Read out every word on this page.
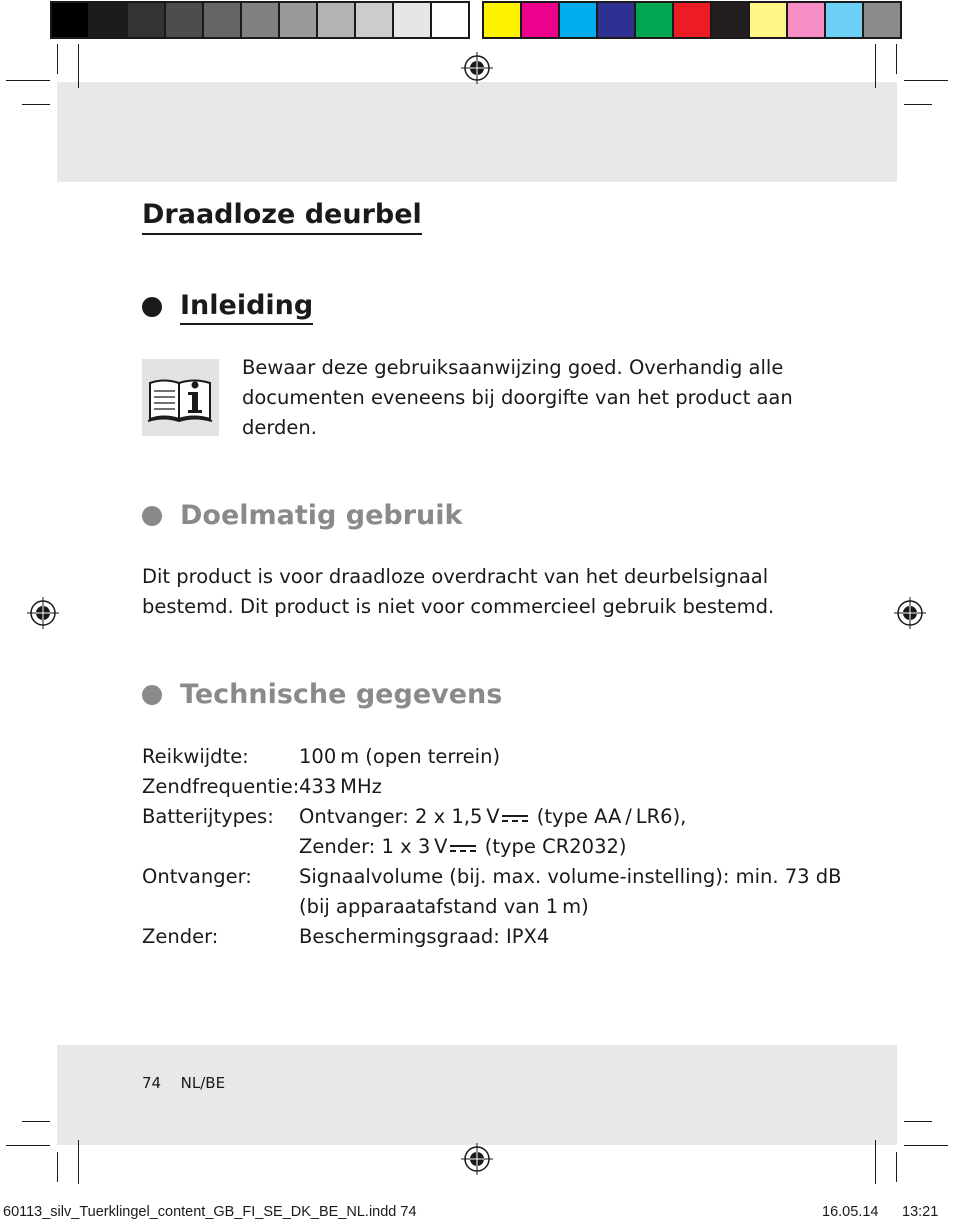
Draadloze deurbel
Inleiding
Bewaar deze gebruiksaanwijzing goed. Overhandig alle
documenten eveneens bij doorgifte van het product aan
derden.
Doelmatig gebruik
Dit product is voor draadloze overdracht van het deurbelsignaal
bestemd. Dit product is niet voor commercieel gebruik bestemd.
Technische gegevens
Reikwijdte:	100 m (open terrein)
Zendfrequentie: 433 MHz
Batterijtypes:	Ontvanger: 2 x 1,5 V (type AA / LR6),
Zender: 1 x 3 V (type CR2032)
Ontvanger:	Signaalvolume (bij. max. volume-instelling): min. 73 dB
(bij apparaatafstand van 1 m)
Zender:	Beschermingsgraad: IPX4
74 NL/BE
60113_silv_Tuerklingel_content_GB_FI_SE_DK_BE_NL.indd 74	16.05.14 13:21
